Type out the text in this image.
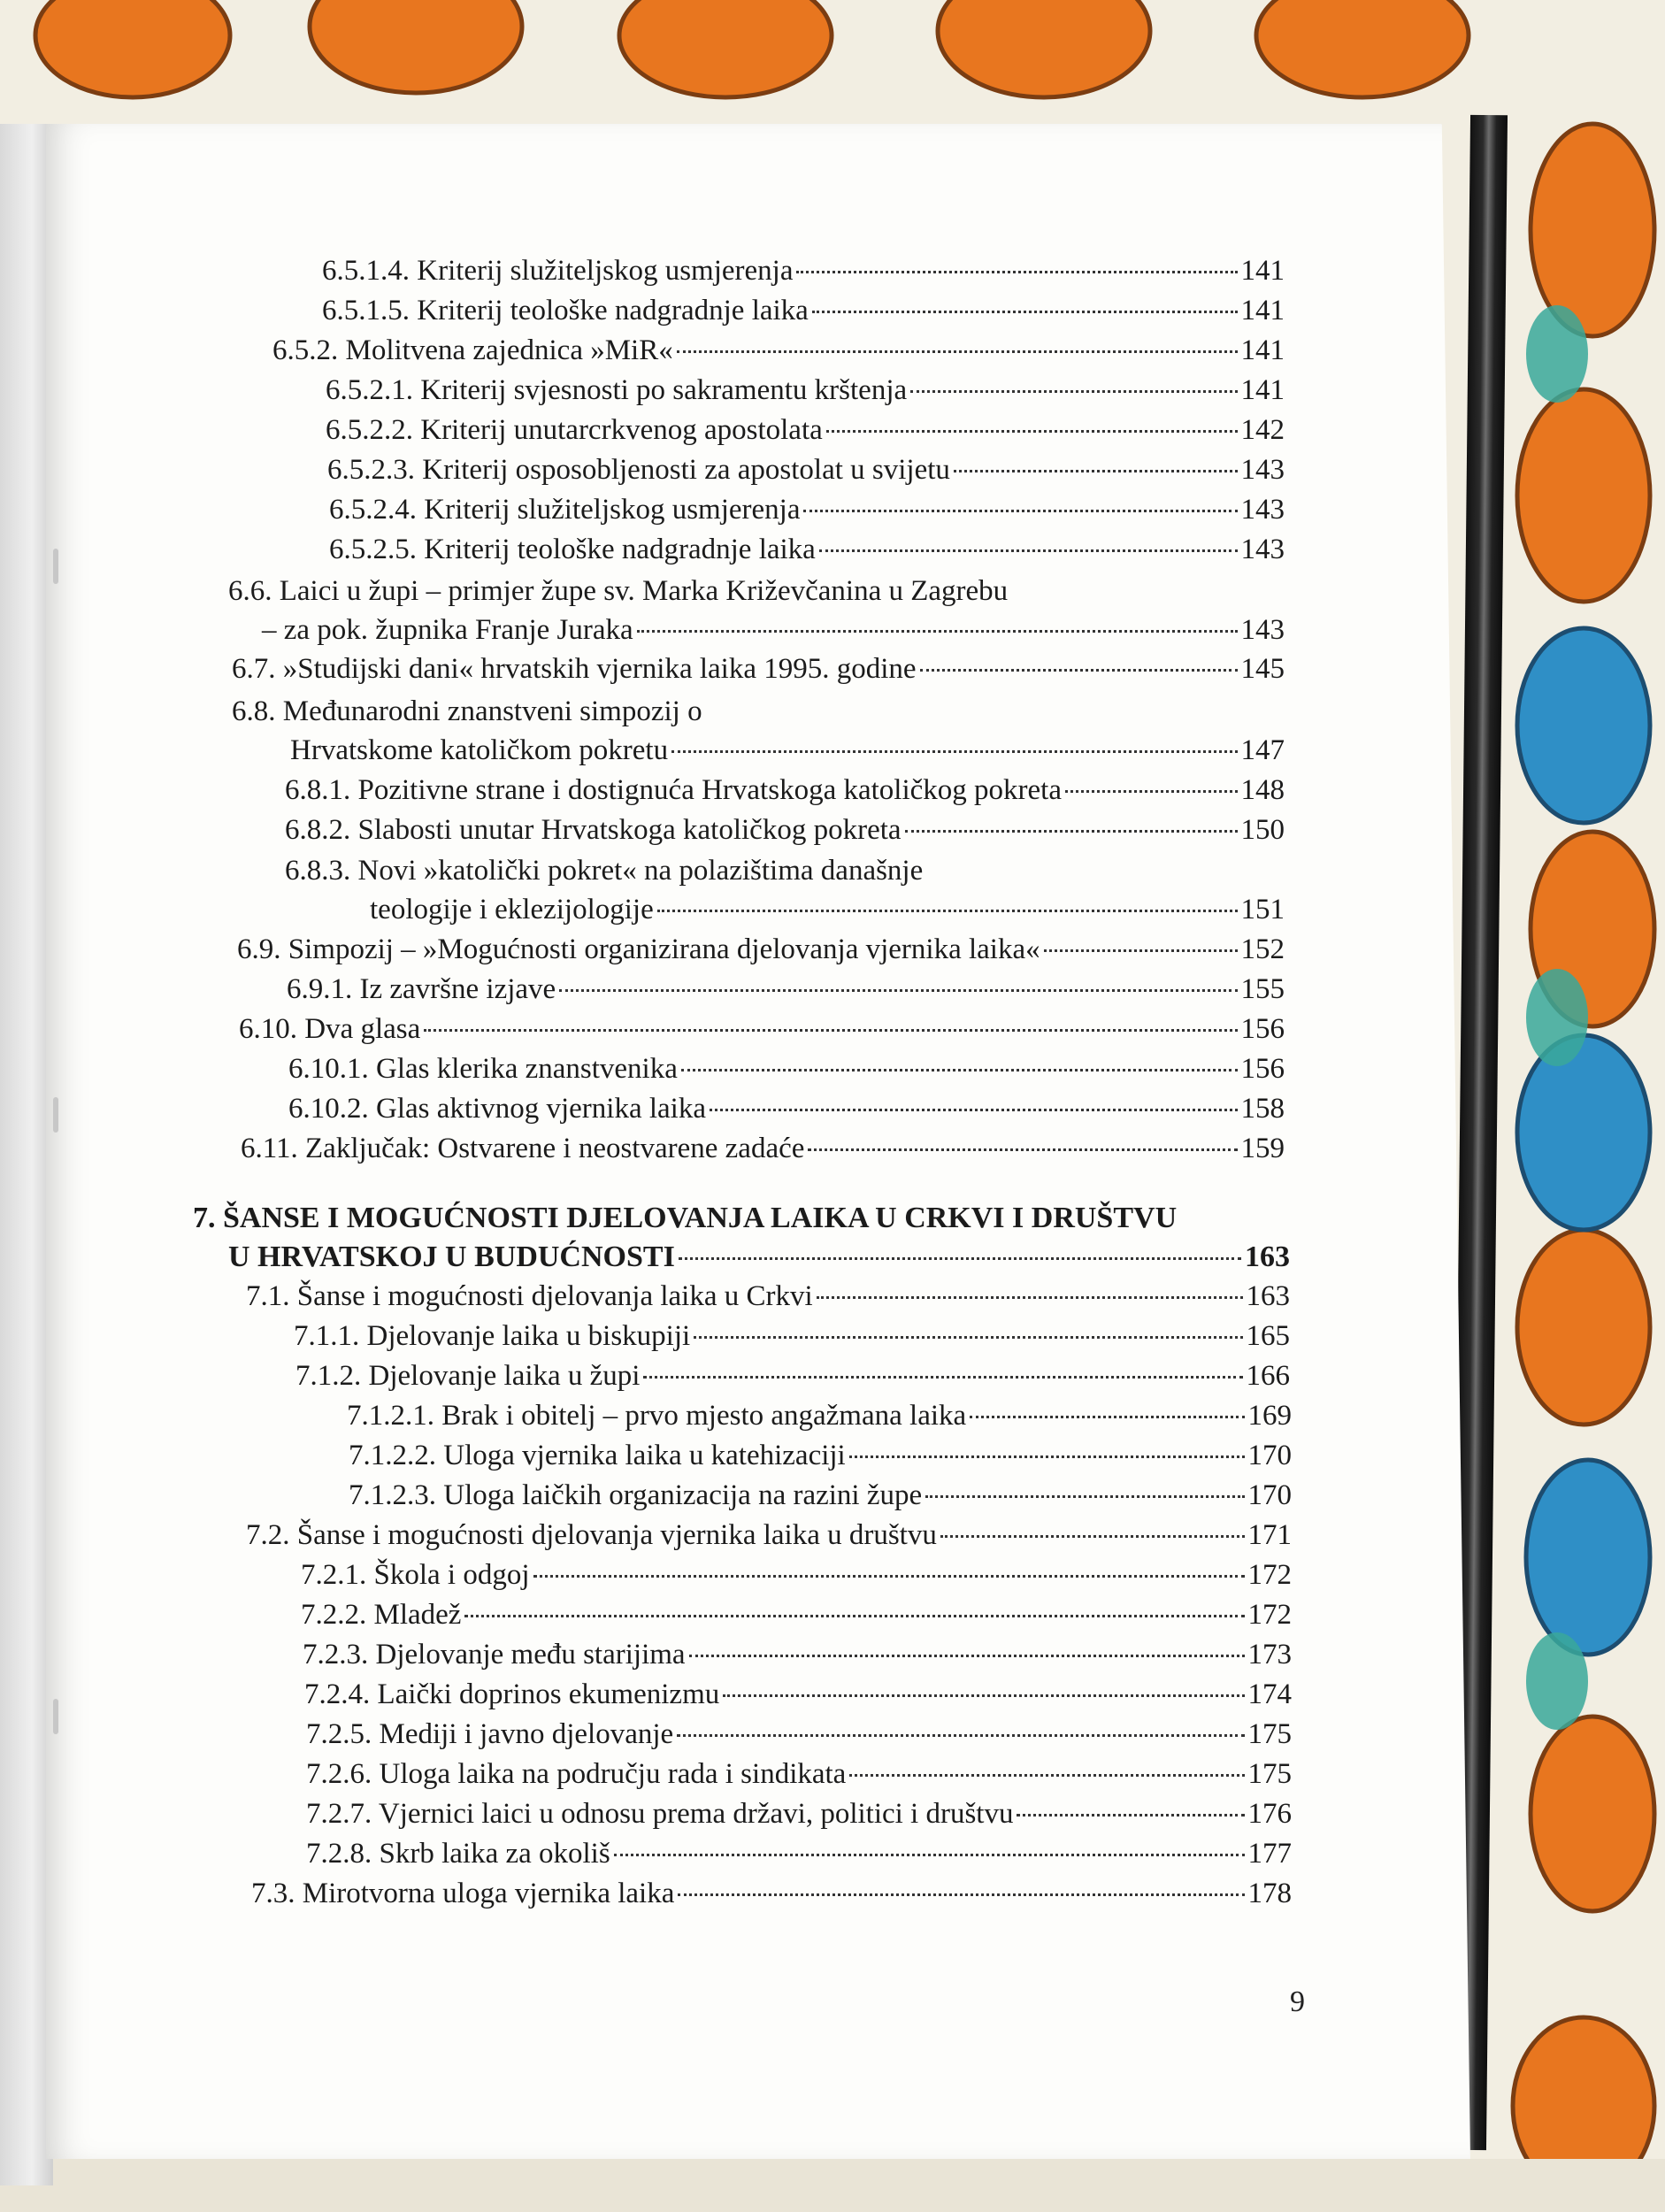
6.5.1.4. Kriterij služiteljskog usmjerenja	141
6.5.1.5. Kriterij teološke nadgradnje laika	141
6.5.2. Molitvena zajednica »MiR«	141
6.5.2.1. Kriterij svjesnosti po sakramentu krštenja	141
6.5.2.2. Kriterij unutarcrkvenog apostolata	142
6.5.2.3. Kriterij osposobljenosti za apostolat u svijetu	143
6.5.2.4. Kriterij služiteljskog usmjerenja	143
6.5.2.5. Kriterij teološke nadgradnje laika	143
6.6. Laici u župi – primjer župe sv. Marka Križevčanina u Zagrebu
– za pok. župnika Franje Juraka	143
6.7. »Studijski dani« hrvatskih vjernika laika 1995. godine	145
6.8. Međunarodni znanstveni simpozij o
Hrvatskome katoličkom pokretu	147
6.8.1. Pozitivne strane i dostignuća Hrvatskoga katoličkog pokreta	148
6.8.2. Slabosti unutar Hrvatskoga katoličkog pokreta	150
6.8.3. Novi »katolički pokret« na polazištima današnje
teologije i eklezijologije	151
6.9. Simpozij – »Mogućnosti organizirana djelovanja vjernika laika«	152
6.9.1. Iz završne izjave	155
6.10. Dva glasa	156
6.10.1. Glas klerika znanstvenika	156
6.10.2. Glas aktivnog vjernika laika	158
6.11. Zaključak: Ostvarene i neostvarene zadaće	159
7. ŠANSE I MOGUĆNOSTI DJELOVANJA LAIKA U CRKVI I DRUŠTVU
U HRVATSKOJ U BUDUĆNOSTI	163
7.1. Šanse i mogućnosti djelovanja laika u Crkvi	163
7.1.1. Djelovanje laika u biskupiji	165
7.1.2. Djelovanje laika u župi	166
7.1.2.1. Brak i obitelj – prvo mjesto angažmana laika	169
7.1.2.2. Uloga vjernika laika u katehizaciji	170
7.1.2.3. Uloga laičkih organizacija na razini župe	170
7.2. Šanse i mogućnosti djelovanja vjernika laika u društvu	171
7.2.1. Škola i odgoj	172
7.2.2. Mladež	172
7.2.3. Djelovanje među starijima	173
7.2.4. Laički doprinos ekumenizmu	174
7.2.5. Mediji i javno djelovanje	175
7.2.6. Uloga laika na području rada i sindikata	175
7.2.7. Vjernici laici u odnosu prema državi, politici i društvu	176
7.2.8. Skrb laika za okoliš	177
7.3. Mirotvorna uloga vjernika laika	178
9
